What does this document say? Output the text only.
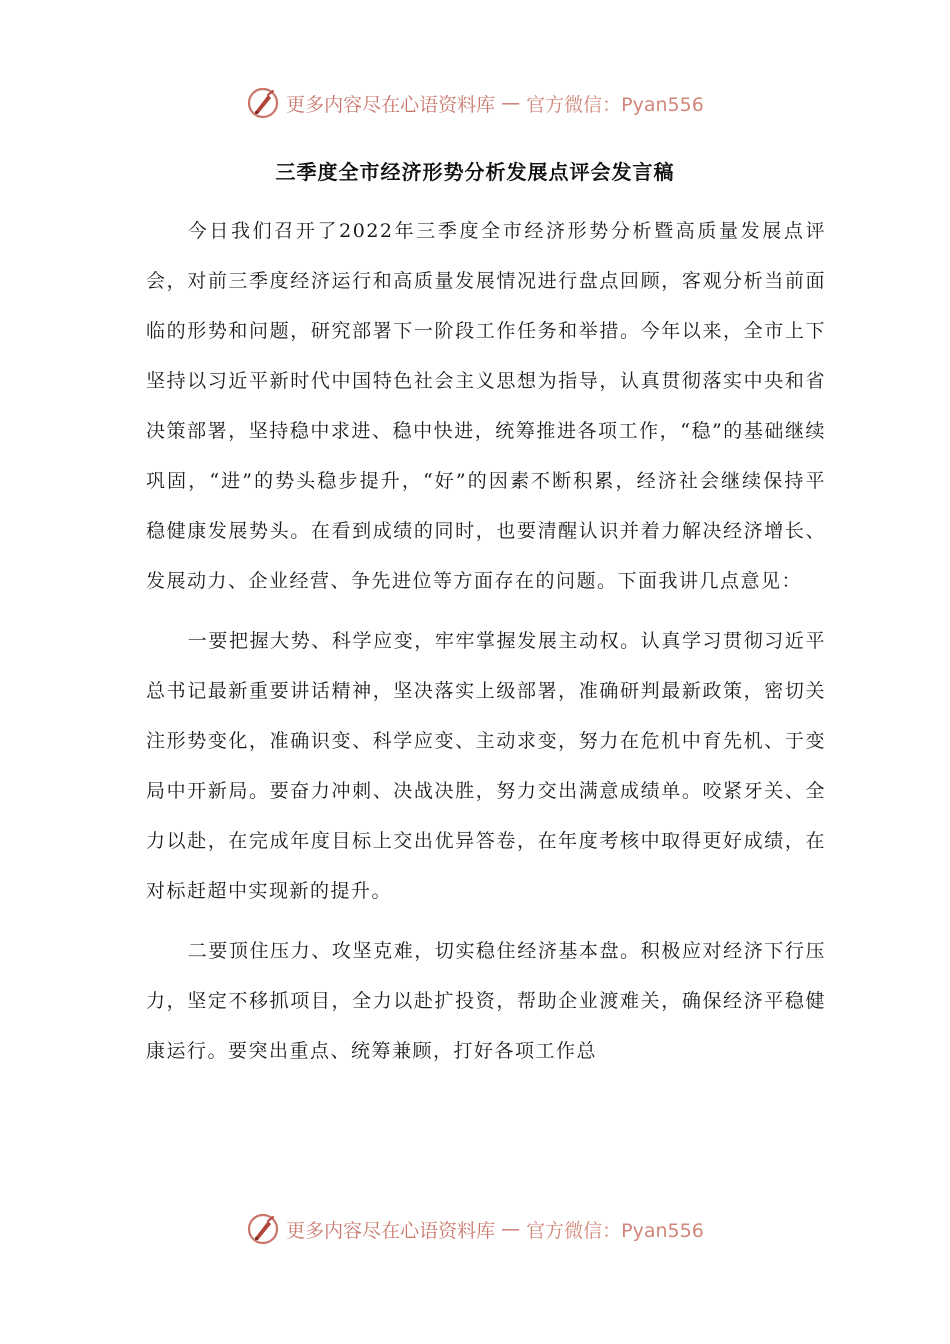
更多内容尽在心语资料库 — 官方微信：Pyan556
三季度全市经济形势分析发展点评会发言稿

今日我们召开了2022年三季度全市经济形势分析暨高质量发展点评会，对前三季度经济运行和高质量发展情况进行盘点回顾，客观分析当前面临的形势和问题，研究部署下一阶段工作任务和举措。今年以来，全市上下坚持以习近平新时代中国特色社会主义思想为指导，认真贯彻落实中央和省决策部署，坚持稳中求进、稳中快进，统筹推进各项工作，“稳”的基础继续巩固，“进”的势头稳步提升，“好”的因素不断积累，经济社会继续保持平稳健康发展势头。在看到成绩的同时，也要清醒认识并着力解决经济增长、发展动力、企业经营、争先进位等方面存在的问题。下面我讲几点意见：

一要把握大势、科学应变，牢牢掌握发展主动权。认真学习贯彻习近平总书记最新重要讲话精神，坚决落实上级部署，准确研判最新政策，密切关注形势变化，准确识变、科学应变、主动求变，努力在危机中育先机、于变局中开新局。要奋力冲刺、决战决胜，努力交出满意成绩单。咬紧牙关、全力以赴，在完成年度目标上交出优异答卷，在年度考核中取得更好成绩，在对标赶超中实现新的提升。

二要顶住压力、攻坚克难，切实稳住经济基本盘。积极应对经济下行压力，坚定不移抓项目，全力以赴扩投资，帮助企业渡难关，确保经济平稳健康运行。要突出重点、统筹兼顾，打好各项工作总

更多内容尽在心语资料库 — 官方微信：Pyan556
